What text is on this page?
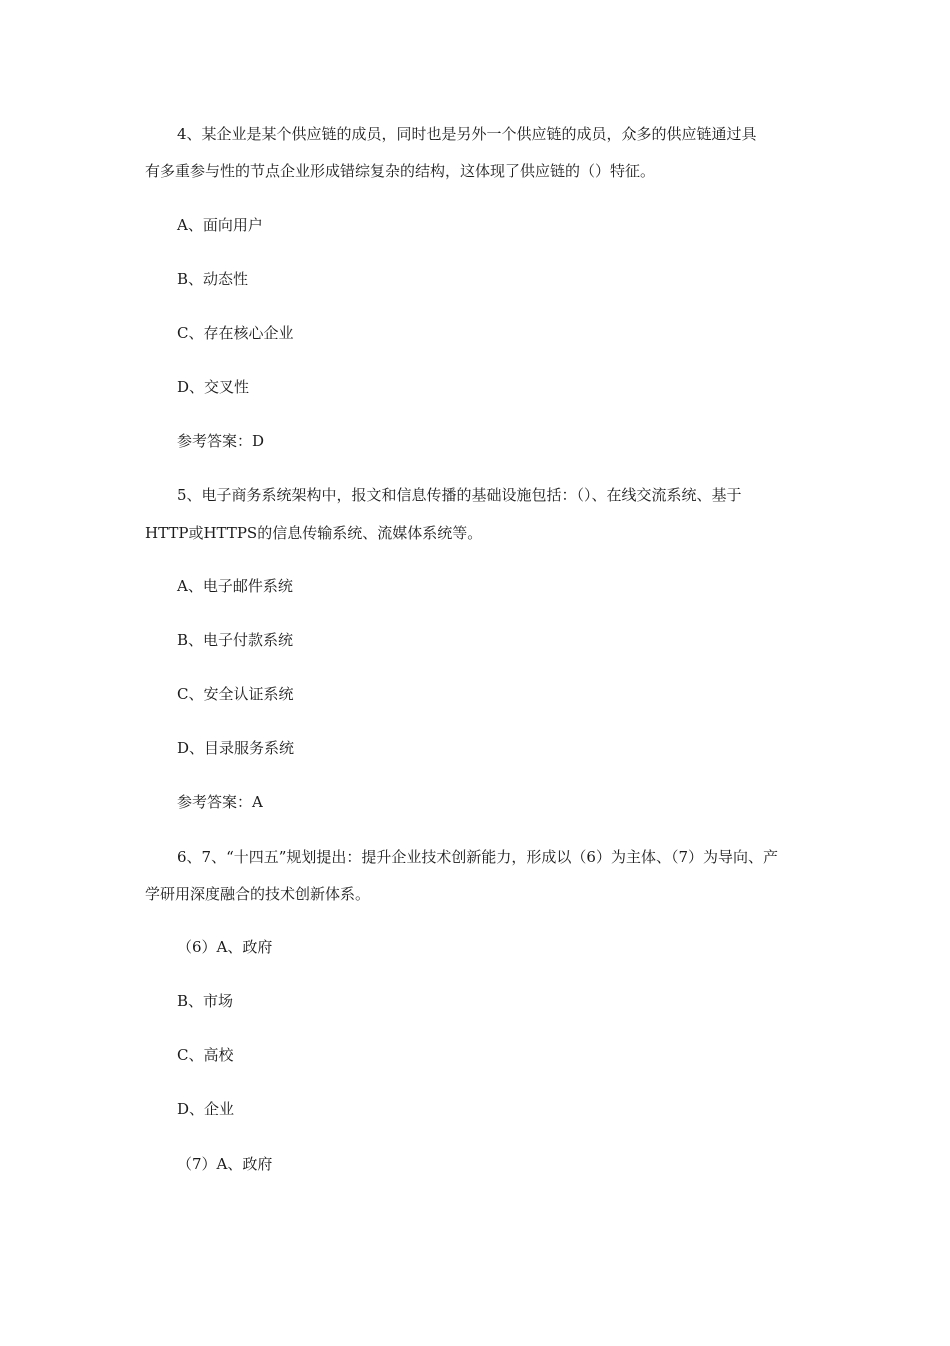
4、某企业是某个供应链的成员，同时也是另外一个供应链的成员，众多的供应链通过具
有多重参与性的节点企业形成错综复杂的结构，这体现了供应链的（）特征。
A、面向用户
B、动态性
C、存在核心企业
D、交叉性
参考答案：D
5、电子商务系统架构中，报文和信息传播的基础设施包括：（）、在线交流系统、基于
HTTP或HTTPS的信息传输系统、流媒体系统等。
A、电子邮件系统
B、电子付款系统
C、安全认证系统
D、目录服务系统
参考答案：A
6、7、“十四五”规划提出：提升企业技术创新能力，形成以（6）为主体、（7）为导向、产
学研用深度融合的技术创新体系。
（6）A、政府
B、市场
C、高校
D、企业
（7）A、政府
